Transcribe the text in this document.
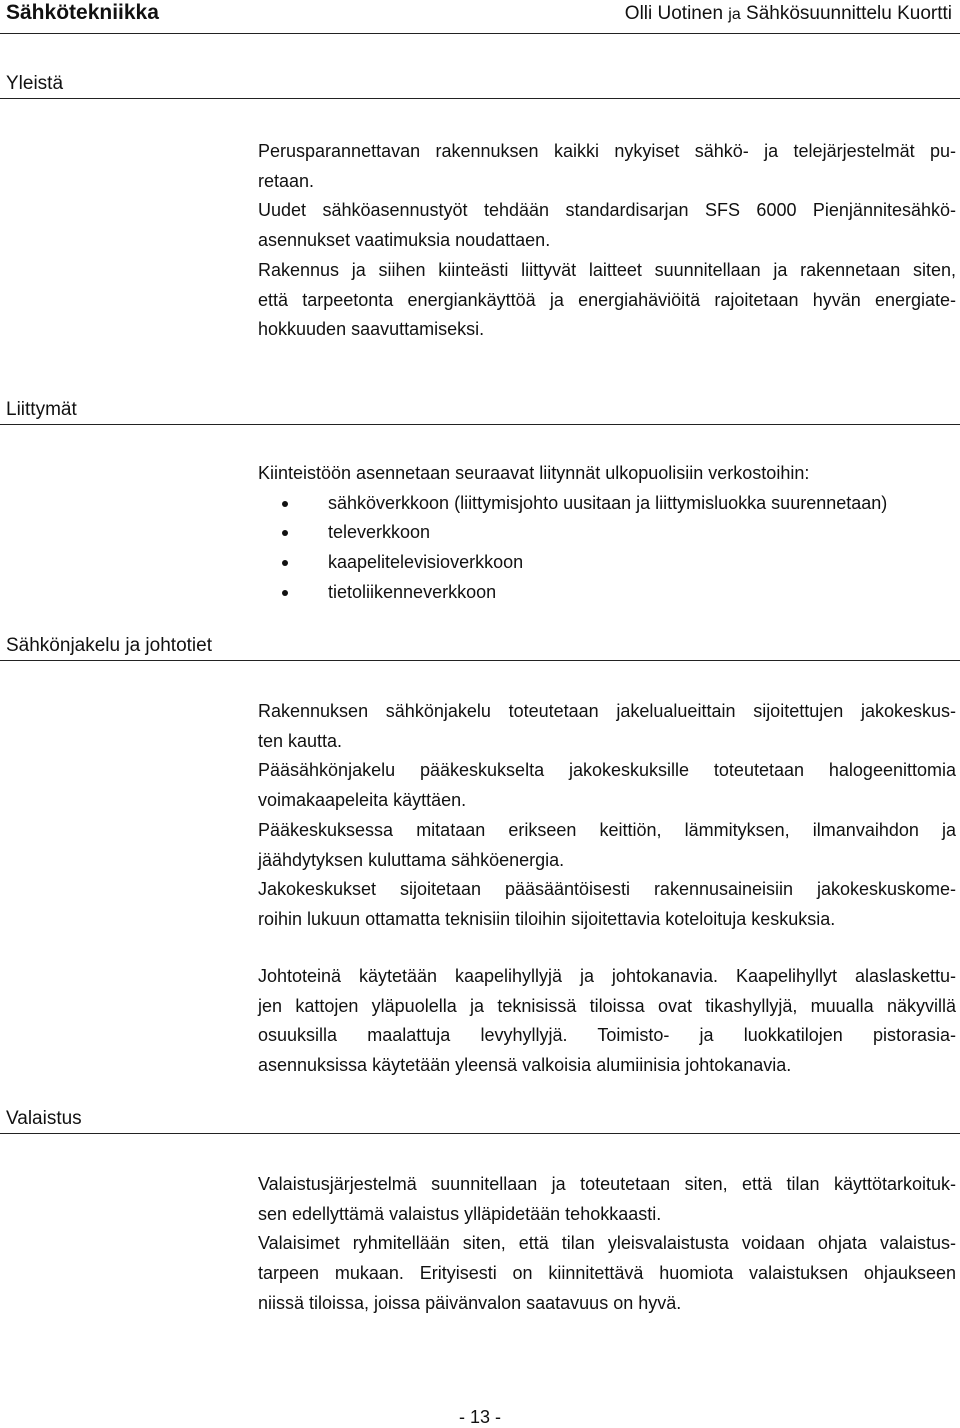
Sähkötekniikka	Olli Uotinen ja Sähkösuunnittelu Kuortti
Yleistä
Perusparannettavan rakennuksen kaikki nykyiset sähkö- ja telejärjestelmät pu-
retaan.
Uudet sähköasennustyöt tehdään standardisarjan SFS 6000 Pienjännitesähkö-
asennukset vaatimuksia noudattaen.
Rakennus ja siihen kiinteästi liittyvät laitteet suunnitellaan ja rakennetaan siten,
että tarpeetonta energiankäyttöä ja energiahäviöitä rajoitetaan hyvän energiate-
hokkuuden saavuttamiseksi.
Liittymät
Kiinteistöön asennetaan seuraavat liitynnät ulkopuolisiin verkostoihin:
sähköverkkoon (liittymisjohto uusitaan ja liittymisluokka suurennetaan)
televerkkoon
kaapelitelevisioverkkoon
tietoliikenneverkkoon
Sähkönjakelu ja johtotiet
Rakennuksen sähkönjakelu toteutetaan jakelualueittain sijoitettujen jakokeskus-
ten kautta.
Pääsähkönjakelu pääkeskukselta jakokeskuksille toteutetaan halogeenittomia
voimakaapeleita käyttäen.
Pääkeskuksessa mitataan erikseen keittiön, lämmityksen, ilmanvaihdon ja
jäähdytyksen kuluttama sähköenergia.
Jakokeskukset sijoitetaan pääsääntöisesti rakennusaineisiin jakokeskuskome-
roihin lukuun ottamatta teknisiin tiloihin sijoitettavia koteloituja keskuksia.
Johtoteinä käytetään kaapelihyllyjä ja johtokanavia. Kaapelihyllyt alaslaskettu-
jen kattojen yläpuolella ja teknisissä tiloissa ovat tikashyllyjä, muualla näkyvillä
osuuksilla maalattuja levyhyllyjä. Toimisto- ja luokkatilojen pistorasia-
asennuksissa käytetään yleensä valkoisia alumiinisia johtokanavia.
Valaistus
Valaistusjärjestelmä suunnitellaan ja toteutetaan siten, että tilan käyttötarkoituk-
sen edellyttämä valaistus ylläpidetään tehokkaasti.
Valaisimet ryhmitellään siten, että tilan yleisvalaistusta voidaan ohjata valaistus-
tarpeen mukaan. Erityisesti on kiinnitettävä huomiota valaistuksen ohjaukseen
niissä tiloissa, joissa päivänvalon saatavuus on hyvä.
- 13 -
